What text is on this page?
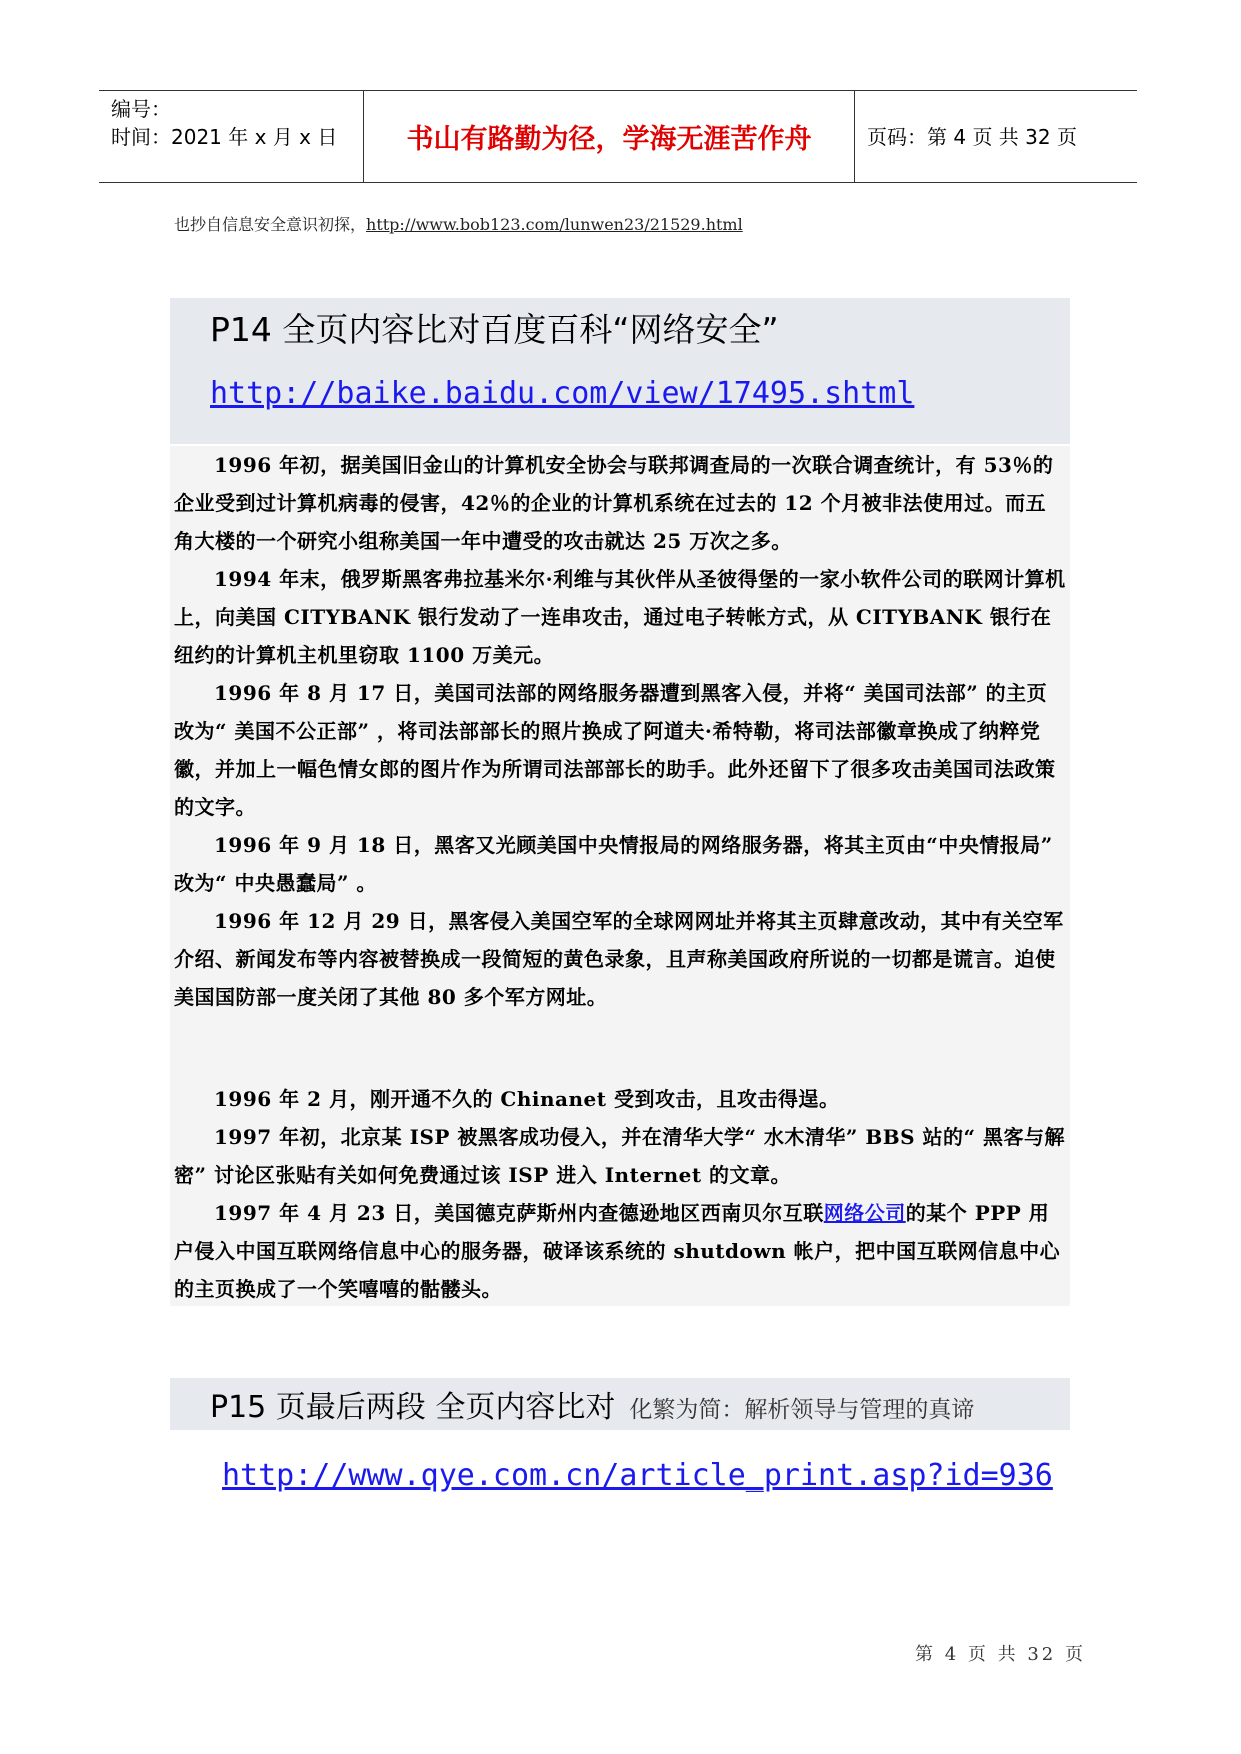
编号：
时间：2021 年 x 月 x 日	书山有路勤为径，学海无涯苦作舟	页码：第 4 页 共 32 页
也抄自信息安全意识初探，http://www.bob123.com/lunwen23/21529.html
P14 全页内容比对百度百科“网络安全”
http://baike.baidu.com/view/17495.shtml
1996 年初，据美国旧金山的计算机安全协会与联邦调查局的一次联合调查统计，有 53％的企业受到过计算机病毒的侵害，42％的企业的计算机系统在过去的 12 个月被非法使用过。而五角大楼的一个研究小组称美国一年中遭受的攻击就达 25 万次之多。
1994 年末，俄罗斯黑客弗拉基米尔·利维与其伙伴从圣彼得堡的一家小软件公司的联网计算机上，向美国 CITYBANK 银行发动了一连串攻击，通过电子转帐方式，从 CITYBANK 银行在纽约的计算机主机里窃取 1100 万美元。
1996 年 8 月 17 日，美国司法部的网络服务器遭到黑客入侵，并将“ 美国司法部” 的主页改为“ 美国不公正部” ，将司法部部长的照片换成了阿道夫·希特勒，将司法部徽章换成了纳粹党徽，并加上一幅色情女郎的图片作为所谓司法部部长的助手。此外还留下了很多攻击美国司法政策的文字。
1996 年 9 月 18 日，黑客又光顾美国中央情报局的网络服务器，将其主页由“中央情报局” 改为“ 中央愚蠢局” 。
1996 年 12 月 29 日，黑客侵入美国空军的全球网网址并将其主页肆意改动，其中有关空军介绍、新闻发布等内容被替换成一段简短的黄色录象，且声称美国政府所说的一切都是谎言。迫使美国国防部一度关闭了其他 80 多个军方网址。
1996 年 2 月，刚开通不久的 Chinanet 受到攻击，且攻击得逞。
1997 年初，北京某 ISP 被黑客成功侵入，并在清华大学“ 水木清华” BBS 站的“ 黑客与解密” 讨论区张贴有关如何免费通过该 ISP 进入 Internet 的文章。
1997 年 4 月 23 日，美国德克萨斯州内查德逊地区西南贝尔互联网络公司的某个 PPP 用户侵入中国互联网络信息中心的服务器，破译该系统的 shutdown 帐户，把中国互联网信息中心的主页换成了一个笑嘻嘻的骷髅头。
P15 页最后两段 全页内容比对 化繁为简：解析领导与管理的真谛
http://www.qye.com.cn/article_print.asp?id=936
第 4 页 共 32 页
